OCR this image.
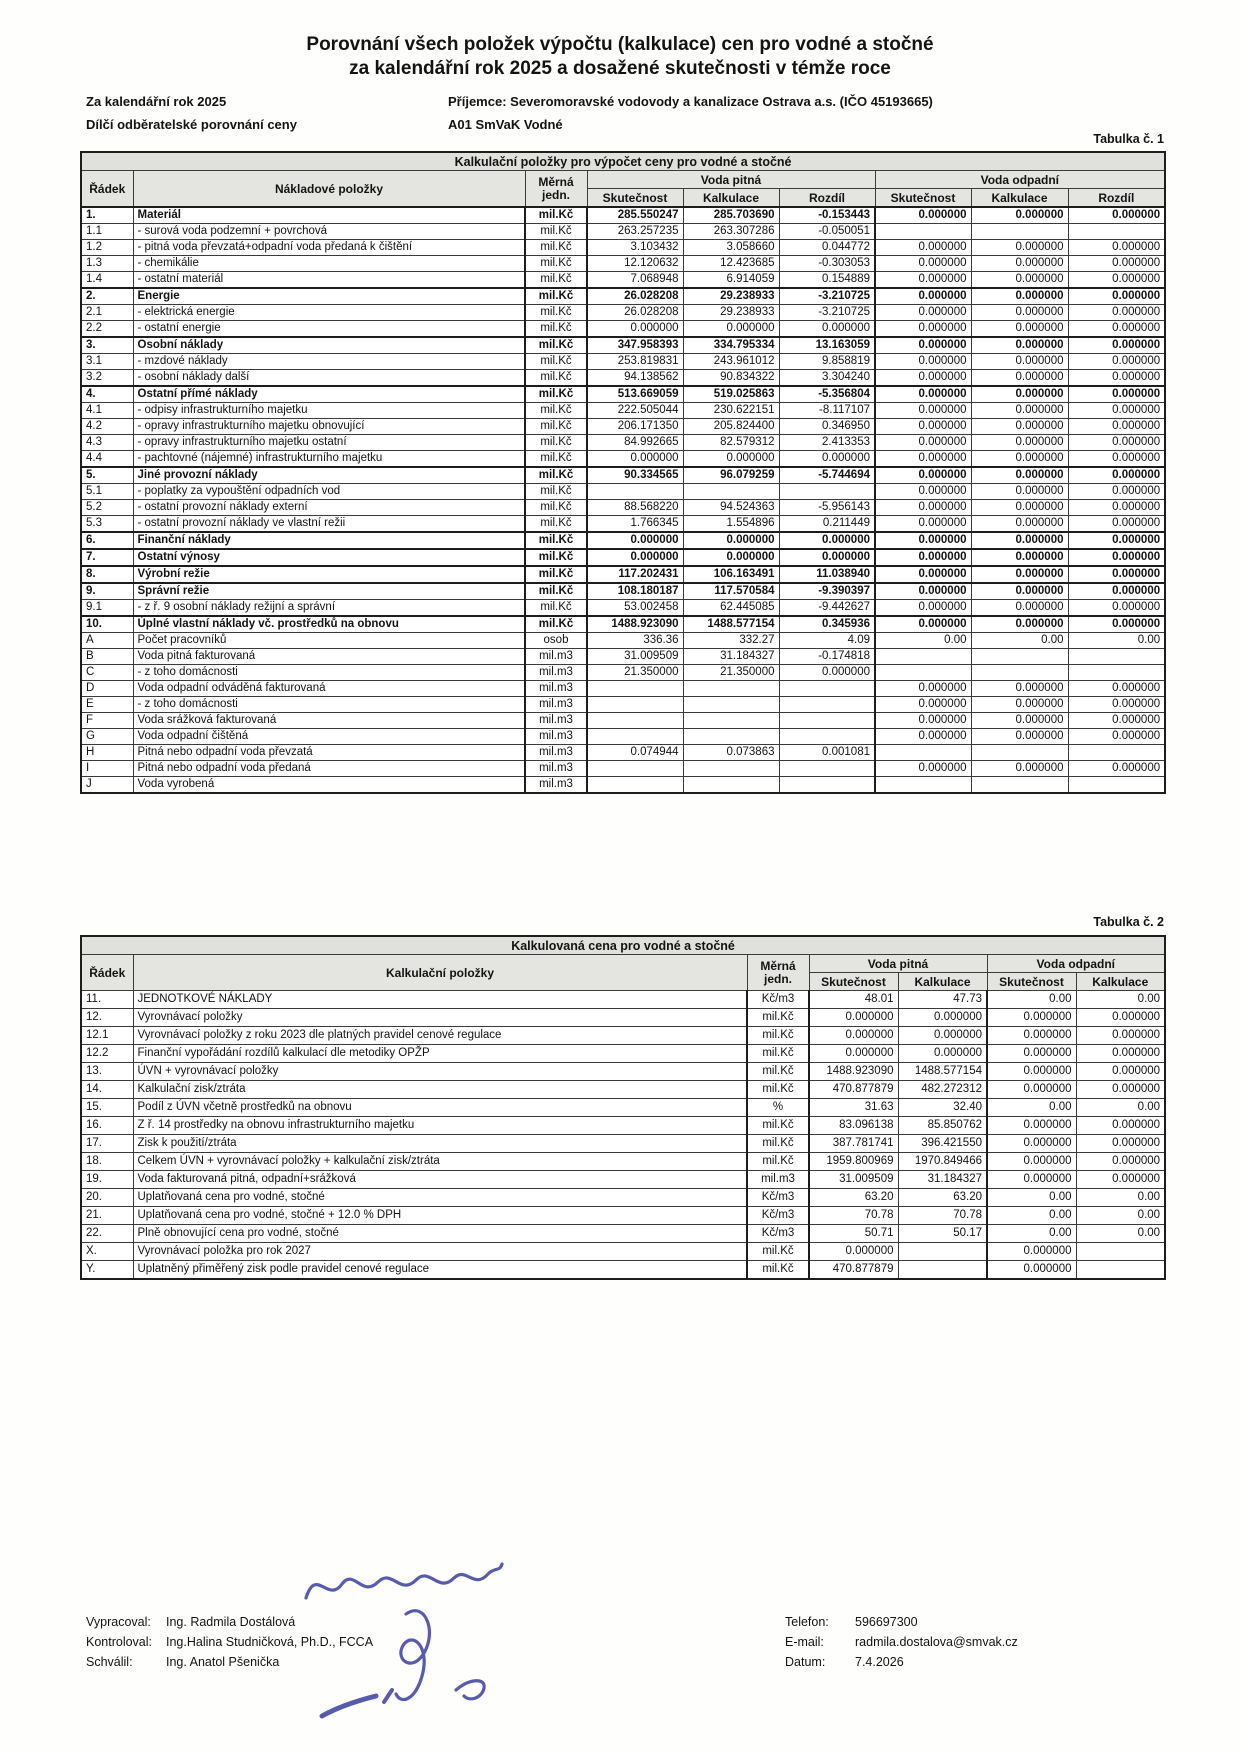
Porovnání všech položek výpočtu (kalkulace) cen pro vodné a stočné
za kalendářní rok 2025 a dosažené skutečnosti v témže roce
Za kalendářní rok 2025
Dílčí odběratelské porovnání ceny
Příjemce: Severomoravské vodovody a kanalizace Ostrava a.s. (IČO 45193665)
A01 SmVaK Vodné
Tabulka č. 1
Kalkulační položky pro výpočet ceny pro vodné a stočné								
Řádek	Nákladové položky	Měrná
jedn.	Voda pitná			Voda odpadní		
			Skutečnost	Kalkulace	Rozdíl	Skutečnost	Kalkulace	Rozdíl
1.	Materiál	mil.Kč	285.550247	285.703690	-0.153443	0.000000	0.000000	0.000000
1.1	- surová voda podzemní + povrchová	mil.Kč	263.257235	263.307286	-0.050051			
1.2	- pitná voda převzatá+odpadní voda předaná k čištění	mil.Kč	3.103432	3.058660	0.044772	0.000000	0.000000	0.000000
1.3	- chemikálie	mil.Kč	12.120632	12.423685	-0.303053	0.000000	0.000000	0.000000
1.4	- ostatní materiál	mil.Kč	7.068948	6.914059	0.154889	0.000000	0.000000	0.000000
2.	Energie	mil.Kč	26.028208	29.238933	-3.210725	0.000000	0.000000	0.000000
2.1	- elektrická energie	mil.Kč	26.028208	29.238933	-3.210725	0.000000	0.000000	0.000000
2.2	- ostatní energie	mil.Kč	0.000000	0.000000	0.000000	0.000000	0.000000	0.000000
3.	Osobní náklady	mil.Kč	347.958393	334.795334	13.163059	0.000000	0.000000	0.000000
3.1	- mzdové náklady	mil.Kč	253.819831	243.961012	9.858819	0.000000	0.000000	0.000000
3.2	- osobní náklady další	mil.Kč	94.138562	90.834322	3.304240	0.000000	0.000000	0.000000
4.	Ostatní přímé náklady	mil.Kč	513.669059	519.025863	-5.356804	0.000000	0.000000	0.000000
4.1	- odpisy infrastrukturního majetku	mil.Kč	222.505044	230.622151	-8.117107	0.000000	0.000000	0.000000
4.2	- opravy infrastrukturního majetku obnovující	mil.Kč	206.171350	205.824400	0.346950	0.000000	0.000000	0.000000
4.3	- opravy infrastrukturního majetku ostatní	mil.Kč	84.992665	82.579312	2.413353	0.000000	0.000000	0.000000
4.4	- pachtovné (nájemné) infrastrukturního majetku	mil.Kč	0.000000	0.000000	0.000000	0.000000	0.000000	0.000000
5.	Jiné provozní náklady	mil.Kč	90.334565	96.079259	-5.744694	0.000000	0.000000	0.000000
5.1	- poplatky za vypouštění odpadních vod	mil.Kč				0.000000	0.000000	0.000000
5.2	- ostatní provozní náklady externí	mil.Kč	88.568220	94.524363	-5.956143	0.000000	0.000000	0.000000
5.3	- ostatní provozní náklady ve vlastní režii	mil.Kč	1.766345	1.554896	0.211449	0.000000	0.000000	0.000000
6.	Finanční náklady	mil.Kč	0.000000	0.000000	0.000000	0.000000	0.000000	0.000000
7.	Ostatní výnosy	mil.Kč	0.000000	0.000000	0.000000	0.000000	0.000000	0.000000
8.	Výrobní režie	mil.Kč	117.202431	106.163491	11.038940	0.000000	0.000000	0.000000
9.	Správní režie	mil.Kč	108.180187	117.570584	-9.390397	0.000000	0.000000	0.000000
9.1	- z ř. 9 osobní náklady režijní a správní	mil.Kč	53.002458	62.445085	-9.442627	0.000000	0.000000	0.000000
10.	Úplné vlastní náklady vč. prostředků na obnovu	mil.Kč	1488.923090	1488.577154	0.345936	0.000000	0.000000	0.000000
A	Počet pracovníků	osob	336.36	332.27	4.09	0.00	0.00	0.00
B	Voda pitná fakturovaná	mil.m3	31.009509	31.184327	-0.174818			
C	- z toho domácnosti	mil.m3	21.350000	21.350000	0.000000			
D	Voda odpadní odváděná fakturovaná	mil.m3				0.000000	0.000000	0.000000
E	- z toho domácnosti	mil.m3				0.000000	0.000000	0.000000
F	Voda srážková fakturovaná	mil.m3				0.000000	0.000000	0.000000
G	Voda odpadní čištěná	mil.m3				0.000000	0.000000	0.000000
H	Pitná nebo odpadní voda převzatá	mil.m3	0.074944	0.073863	0.001081			
I	Pitná nebo odpadní voda předaná	mil.m3				0.000000	0.000000	0.000000
J	Voda vyrobená	mil.m3						
Tabulka č. 2
Kalkulovaná cena pro vodné a stočné						
Řádek	Kalkulační položky	Měrná
jedn.	Voda pitná		Voda odpadní	
			Skutečnost	Kalkulace	Skutečnost	Kalkulace
11.	JEDNOTKOVÉ NÁKLADY	Kč/m3	48.01	47.73	0.00	0.00
12.	Vyrovnávací položky	mil.Kč	0.000000	0.000000	0.000000	0.000000
12.1	Vyrovnávací položky z roku 2023 dle platných pravidel cenové regulace	mil.Kč	0.000000	0.000000	0.000000	0.000000
12.2	Finanční vypořádání rozdílů kalkulací dle metodiky OPŽP	mil.Kč	0.000000	0.000000	0.000000	0.000000
13.	ÚVN + vyrovnávací položky	mil.Kč	1488.923090	1488.577154	0.000000	0.000000
14.	Kalkulační zisk/ztráta	mil.Kč	470.877879	482.272312	0.000000	0.000000
15.	Podíl z ÚVN včetně prostředků na obnovu	%	31.63	32.40	0.00	0.00
16.	Z ř. 14 prostředky na obnovu infrastrukturního majetku	mil.Kč	83.096138	85.850762	0.000000	0.000000
17.	Zisk k použití/ztráta	mil.Kč	387.781741	396.421550	0.000000	0.000000
18.	Celkem ÚVN + vyrovnávací položky + kalkulační zisk/ztráta	mil.Kč	1959.800969	1970.849466	0.000000	0.000000
19.	Voda fakturovaná pitná, odpadní+srážková	mil.m3	31.009509	31.184327	0.000000	0.000000
20.	Uplatňovaná cena pro vodné, stočné	Kč/m3	63.20	63.20	0.00	0.00
21.	Uplatňovaná cena pro vodné, stočné + 12.0 % DPH	Kč/m3	70.78	70.78	0.00	0.00
22.	Plně obnovující cena pro vodné, stočné	Kč/m3	50.71	50.17	0.00	0.00
X.	Vyrovnávací položka pro rok 2027	mil.Kč	0.000000		0.000000	
Y.	Uplatněný přiměřený zisk podle pravidel cenové regulace	mil.Kč	470.877879		0.000000	
Vypracoval:	Ing. Radmila Dostálová
Kontroloval:	Ing.Halina Studničková, Ph.D., FCCA
Schválil:	Ing. Anatol Pšenička
Telefon:	596697300
E-mail:	radmila.dostalova@smvak.cz
Datum:	7.4.2026
